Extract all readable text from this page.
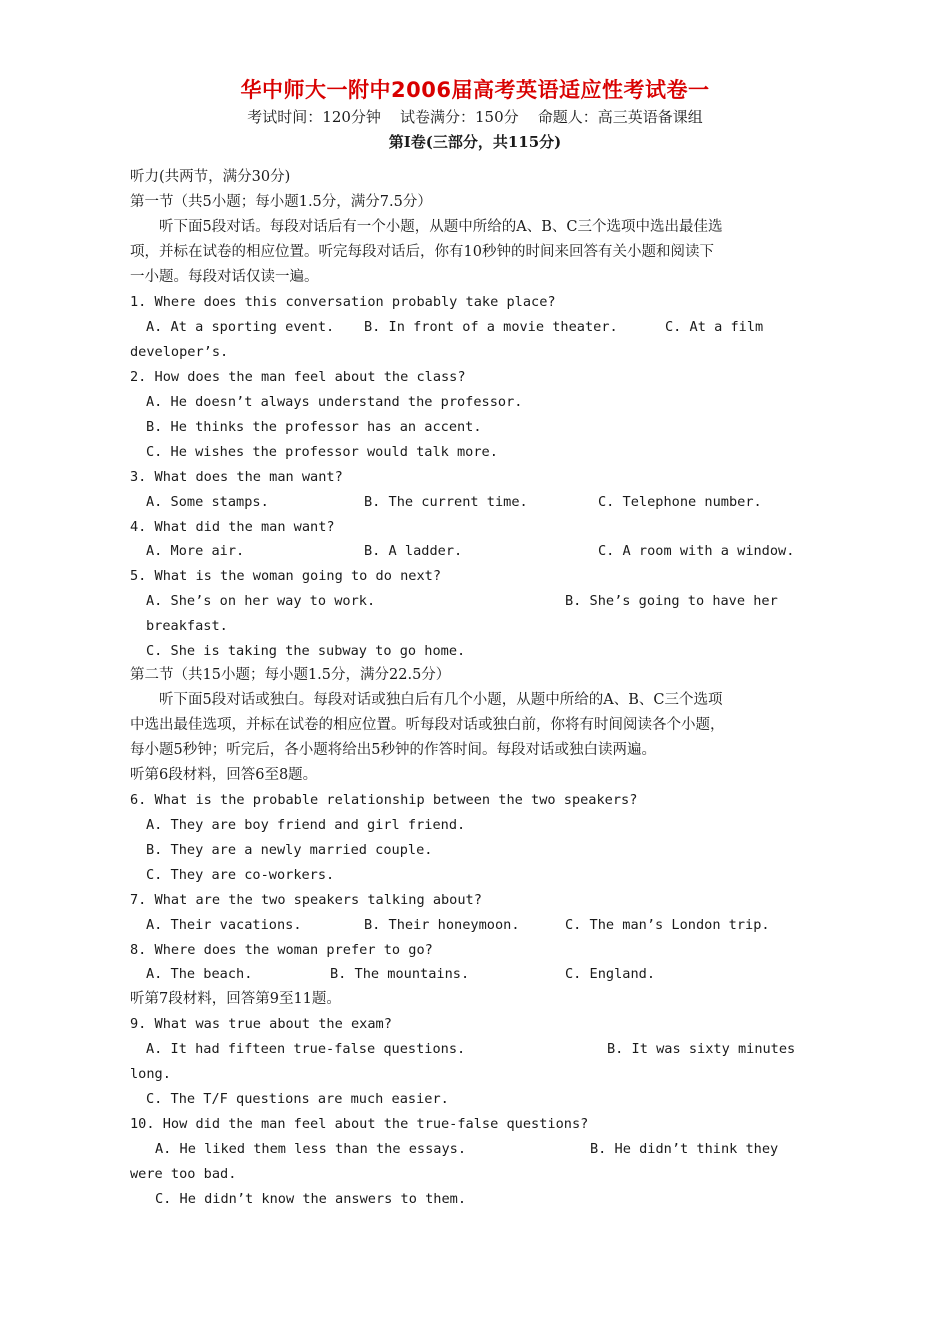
华中师大一附中2006届高考英语适应性考试卷一
考试时间：120分钟    试卷满分：150分    命题人：高三英语备课组
第Ⅰ卷(三部分，共115分)
听力(共两节，满分30分)
第一节（共5小题；每小题1.5分，满分7.5分）
　　听下面5段对话。每段对话后有一个小题，从题中所给的A、B、C三个选项中选出最佳选
项，并标在试卷的相应位置。听完每段对话后，你有10秒钟的时间来回答有关小题和阅读下
一小题。每段对话仅读一遍。
1. Where does this conversation probably take place?
A. At a sporting event. B. In front of a movie theater.	C. At a film
developer’s.
2. How does the man feel about the class?
A. He doesn’t always understand the professor.
B. He thinks the professor has an accent.
C. He wishes the professor would talk more.
3. What does the man want?
A. Some stamps.	B. The current time.	C. Telephone number.
4. What did the man want?
A. More air.	B. A ladder.	C. A room with a window.
5. What is the woman going to do next?
A. She’s on her way to work.	B. She’s going to have her
breakfast.
C. She is taking the subway to go home.
第二节（共15小题；每小题1.5分，满分22.5分）
　　听下面5段对话或独白。每段对话或独白后有几个小题，从题中所给的A、B、C三个选项
中选出最佳选项，并标在试卷的相应位置。听每段对话或独白前，你将有时间阅读各个小题，
每小题5秒钟；听完后，各小题将给出5秒钟的作答时间。每段对话或独白读两遍。
听第6段材料，回答6至8题。
6. What is the probable relationship between the two speakers?
A. They are boy friend and girl friend.
B. They are a newly married couple.
C. They are co-workers.
7. What are the two speakers talking about?
A. Their vacations.	B. Their honeymoon.	C. The man’s London trip.
8. Where does the woman prefer to go?
A. The beach.	B. The mountains.	C. England.
听第7段材料，回答第9至11题。
9. What was true about the exam?
A. It had fifteen true-false questions.	B. It was sixty minutes
long.
C. The T/F questions are much easier.
10. How did the man feel about the true-false questions?
A. He liked them less than the essays.	B. He didn’t think they
were too bad.
C. He didn’t know the answers to them.
